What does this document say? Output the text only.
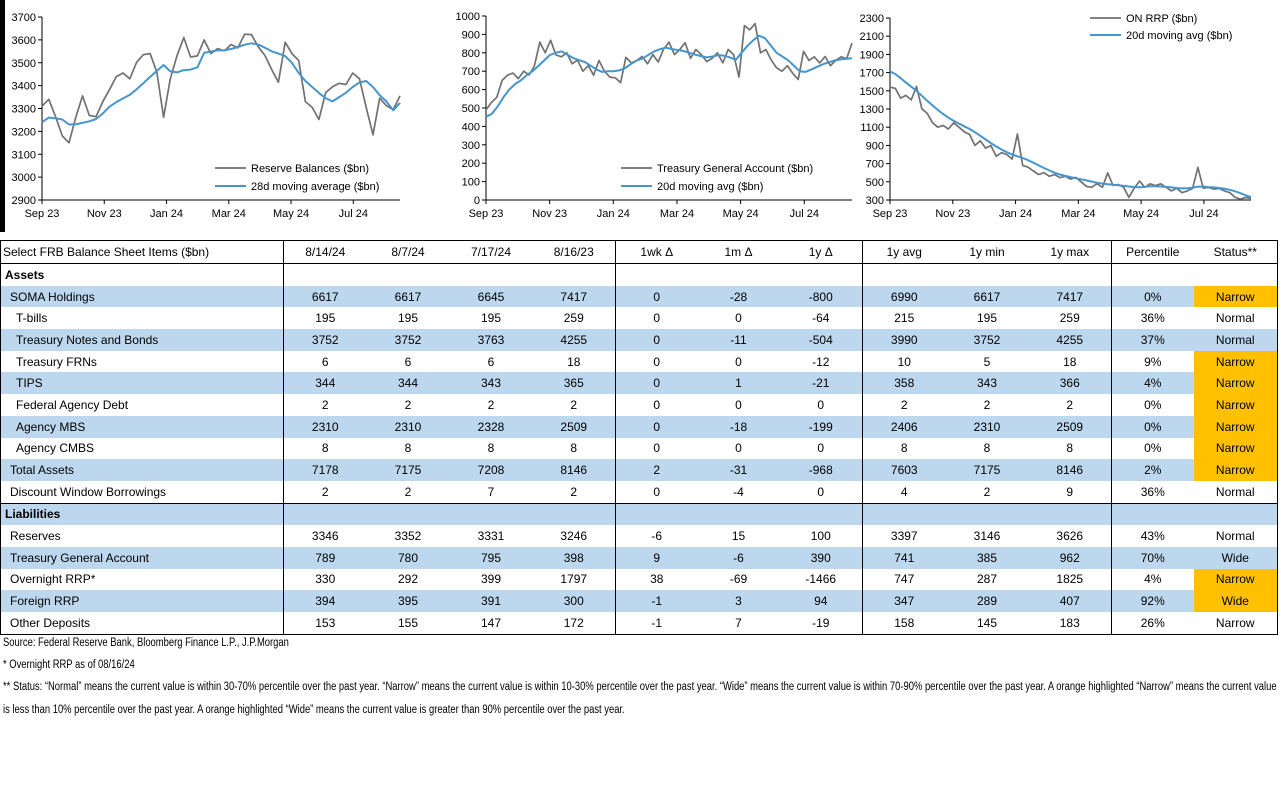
2900
3000
3100
3200
3300
3400
3500
3600
3700
Sep 23 Nov 23	Jan 24	Mar 24 May 24	Jul 24
Reserve Balances ($bn)
28d moving average ($bn)
0
100
200
300
400
500
600
700
800
900
1000
Sep 23	Nov 23	Jan 24	Mar 24	May 24	Jul 24
Treasury General Account ($bn)
20d moving avg ($bn)
300
500
700
900
1100
1300
1500
1700
1900
2100
2300
Sep 23	Nov 23	Jan 24	Mar 24	May 24	Jul 24
ON RRP ($bn)
20d moving avg ($bn)
Select FRB Balance Sheet Items ($bn)	8/14/24	8/7/24	7/17/24	8/16/23	1wk Δ	1m Δ	1y Δ	1y avg	1y min	1y max	Percentile	Status**
Assets												
SOMA Holdings	6617	6617	6645	7417	0	-28	-800	6990	6617	7417	0%	Narrow
T-bills	195	195	195	259	0	0	-64	215	195	259	36%	Normal
Treasury Notes and Bonds	3752	3752	3763	4255	0	-11	-504	3990	3752	4255	37%	Normal
Treasury FRNs	6	6	6	18	0	0	-12	10	5	18	9%	Narrow
TIPS	344	344	343	365	0	1	-21	358	343	366	4%	Narrow
Federal Agency Debt	2	2	2	2	0	0	0	2	2	2	0%	Narrow
Agency MBS	2310	2310	2328	2509	0	-18	-199	2406	2310	2509	0%	Narrow
Agency CMBS	8	8	8	8	0	0	0	8	8	8	0%	Narrow
Total Assets	7178	7175	7208	8146	2	-31	-968	7603	7175	8146	2%	Narrow
Discount Window Borrowings	2	2	7	2	0	-4	0	4	2	9	36%	Normal
Liabilities												
Reserves	3346	3352	3331	3246	-6	15	100	3397	3146	3626	43%	Normal
Treasury General Account	789	780	795	398	9	-6	390	741	385	962	70%	Wide
Overnight RRP*	330	292	399	1797	38	-69	-1466	747	287	1825	4%	Narrow
Foreign RRP	394	395	391	300	-1	3	94	347	289	407	92%	Wide
Other Deposits	153	155	147	172	-1	7	-19	158	145	183	26%	Narrow

Source: Federal Reserve Bank, Bloomberg Finance L.P., J.P.Morgan

* Overnight RRP as of 08/16/24

** Status: “Normal” means the current value is within 30-70% percentile over the past year. “Narrow” means the current value is within 10-30% percentile over the past year. “Wide” means the current value is within 70-90% percentile over the past year. A orange highlighted “Narrow” means the current value is less than 10% percentile over the past year. A orange highlighted “Wide” means the current value is greater than 90% percentile over the past year.
